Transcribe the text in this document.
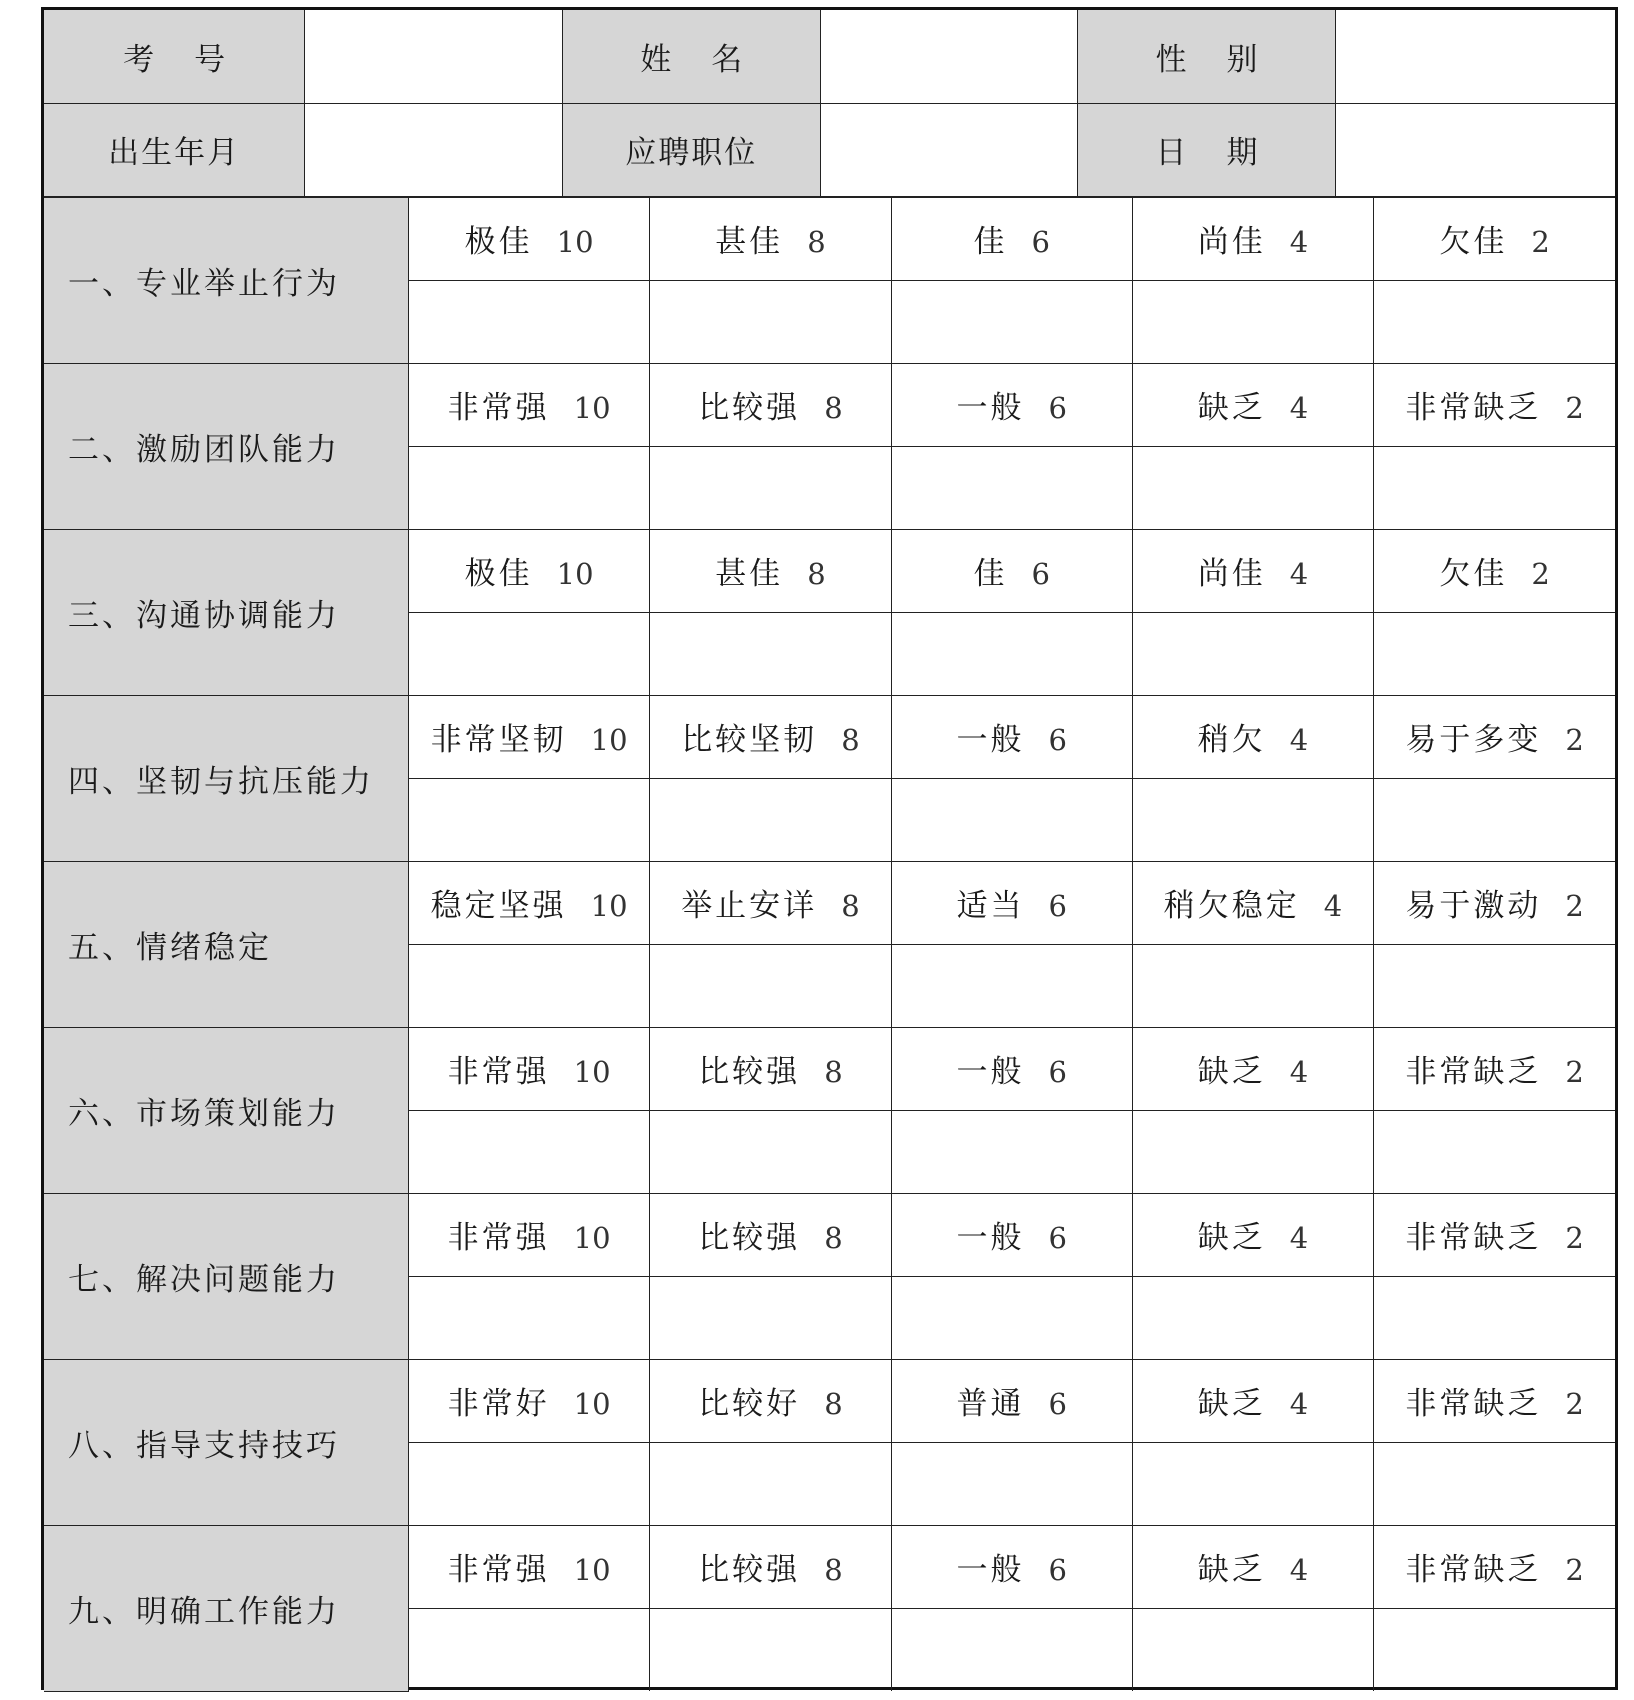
考号		姓名		性别	
出生年月		应聘职位		日期	
一、专业举止行为	极佳 10	甚佳 8	佳 6	尚佳 4	欠佳 2

二、激励团队能力	非常强 10	比较强 8	一般 6	缺乏 4	非常缺乏 2

三、沟通协调能力	极佳 10	甚佳 8	佳 6	尚佳 4	欠佳 2

四、坚韧与抗压能力	非常坚韧 10	比较坚韧 8	一般 6	稍欠 4	易于多变 2

五、情绪稳定	稳定坚强 10	举止安详 8	适当 6	稍欠稳定 4	易于激动 2

六、市场策划能力	非常强 10	比较强 8	一般 6	缺乏 4	非常缺乏 2

七、解决问题能力	非常强 10	比较强 8	一般 6	缺乏 4	非常缺乏 2

八、指导支持技巧	非常好 10	比较好 8	普通 6	缺乏 4	非常缺乏 2

九、明确工作能力	非常强 10	比较强 8	一般 6	缺乏 4	非常缺乏 2
